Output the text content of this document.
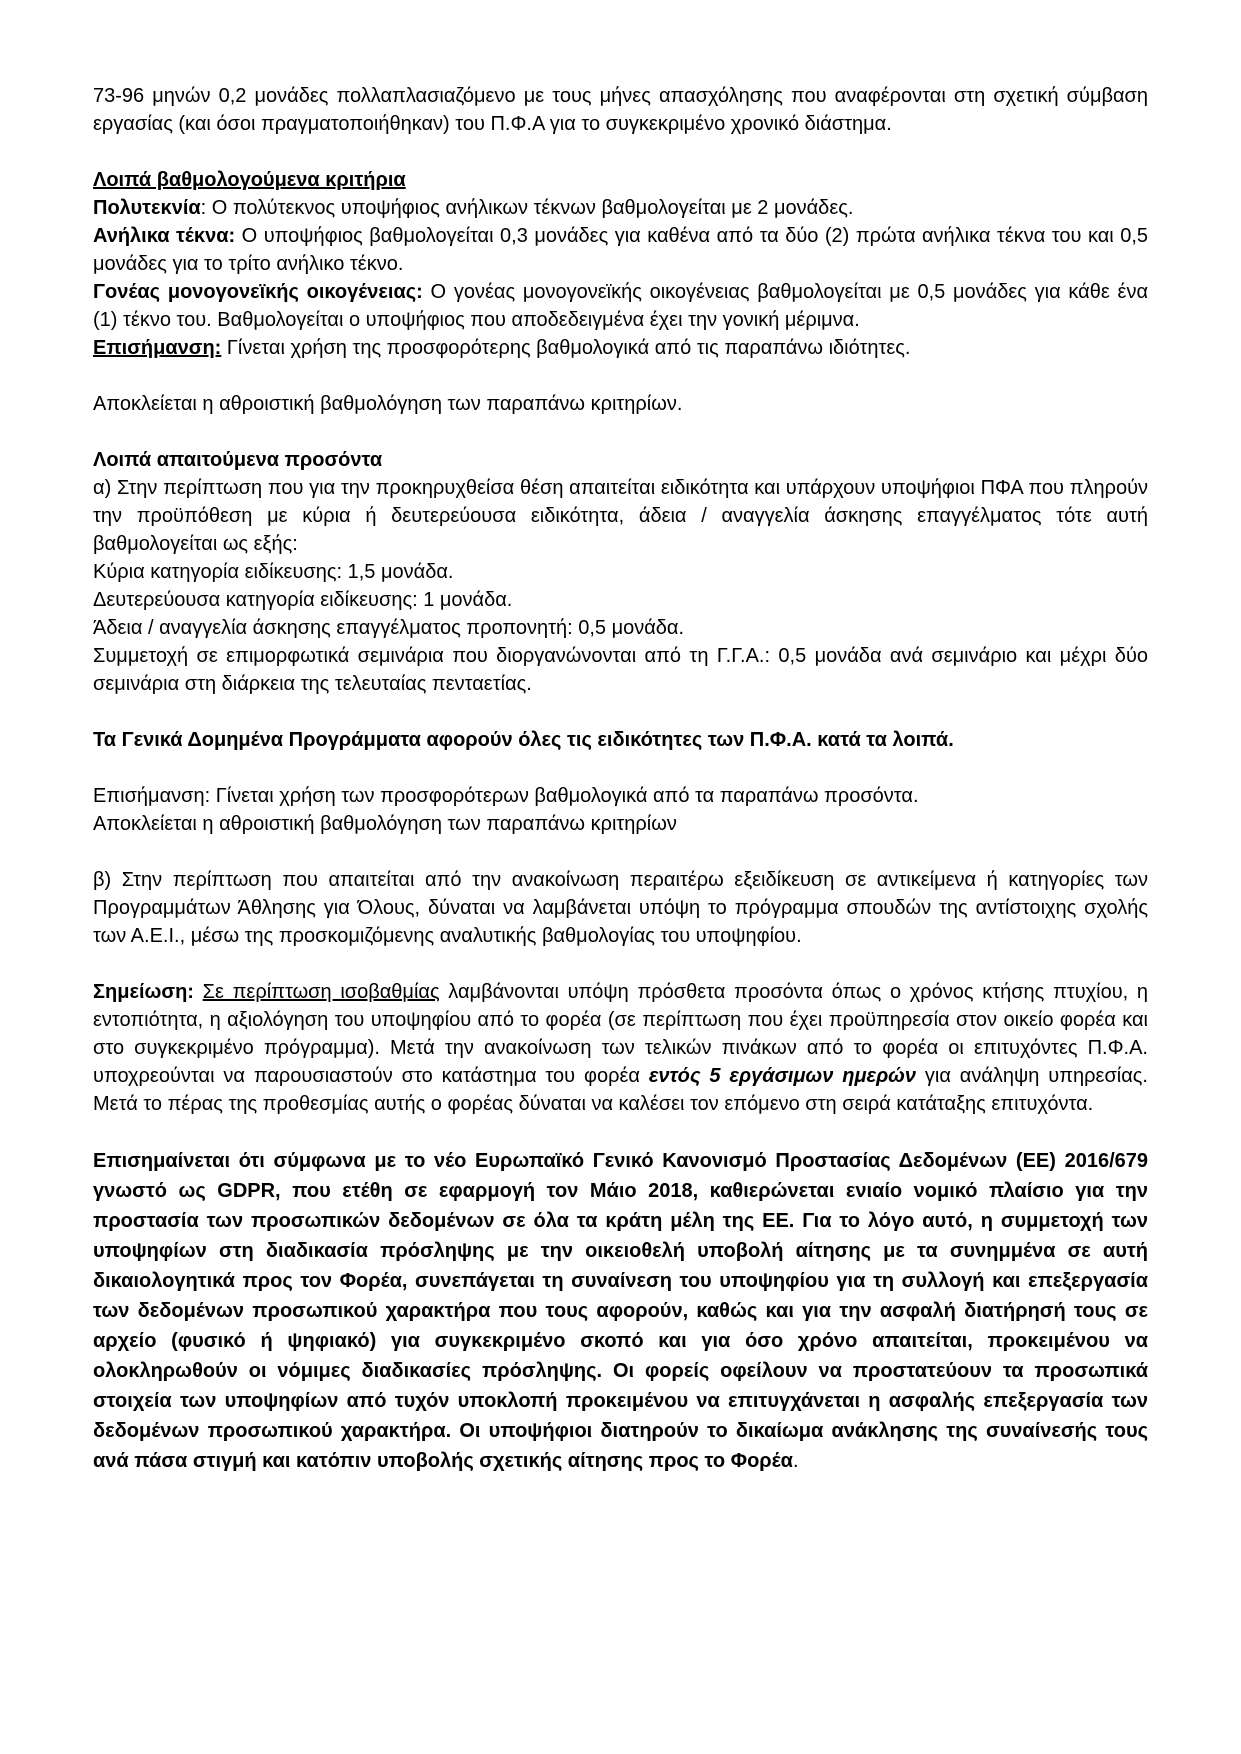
73-96 μηνών 0,2 μονάδες πολλαπλασιαζόμενο με τους μήνες απασχόλησης που αναφέρονται στη σχετική σύμβαση εργασίας (και όσοι πραγματοποιήθηκαν) του Π.Φ.Α για το συγκεκριμένο χρονικό διάστημα.

Λοιπά βαθμολογούμενα κριτήρια

Πολυτεκνία: Ο πολύτεκνος υποψήφιος ανήλικων τέκνων βαθμολογείται με 2 μονάδες.

Ανήλικα τέκνα: Ο υποψήφιος βαθμολογείται 0,3 μονάδες για καθένα από τα δύο (2) πρώτα ανήλικα τέκνα του και 0,5 μονάδες για το τρίτο ανήλικο τέκνο.

Γονέας μονογονεϊκής οικογένειας: Ο γονέας μονογονεϊκής οικογένειας βαθμολογείται με 0,5 μονάδες για κάθε ένα (1) τέκνο του. Βαθμολογείται ο υποψήφιος που αποδεδειγμένα έχει την γονική μέριμνα.

Επισήμανση: Γίνεται χρήση της προσφορότερης βαθμολογικά από τις παραπάνω ιδιότητες.

Αποκλείεται η αθροιστική βαθμολόγηση των παραπάνω κριτηρίων.

Λοιπά απαιτούμενα προσόντα

α) Στην περίπτωση που για την προκηρυχθείσα θέση απαιτείται ειδικότητα και υπάρχουν υποψήφιοι ΠΦΑ που πληρούν την προϋπόθεση με κύρια ή δευτερεύουσα ειδικότητα, άδεια / αναγγελία άσκησης επαγγέλματος τότε αυτή βαθμολογείται ως εξής:

Κύρια κατηγορία ειδίκευσης: 1,5 μονάδα.

Δευτερεύουσα κατηγορία ειδίκευσης: 1 μονάδα.

Άδεια / αναγγελία άσκησης επαγγέλματος προπονητή: 0,5 μονάδα.

Συμμετοχή σε επιμορφωτικά σεμινάρια που διοργανώνονται από τη Γ.Γ.Α.: 0,5 μονάδα ανά σεμινάριο και μέχρι δύο σεμινάρια στη διάρκεια της τελευταίας πενταετίας.

Τα Γενικά Δομημένα Προγράμματα αφορούν όλες τις ειδικότητες των Π.Φ.Α. κατά τα λοιπά.

Επισήμανση: Γίνεται χρήση των προσφορότερων βαθμολογικά από τα παραπάνω προσόντα.

Αποκλείεται η αθροιστική βαθμολόγηση των παραπάνω κριτηρίων

β) Στην περίπτωση που απαιτείται από την ανακοίνωση περαιτέρω εξειδίκευση σε αντικείμενα ή κατηγορίες των Προγραμμάτων Άθλησης για Όλους, δύναται να λαμβάνεται υπόψη το πρόγραμμα σπουδών της αντίστοιχης σχολής των Α.Ε.Ι., μέσω της προσκομιζόμενης αναλυτικής βαθμολογίας του υποψηφίου.

Σημείωση: Σε περίπτωση ισοβαθμίας λαμβάνονται υπόψη πρόσθετα προσόντα όπως ο χρόνος κτήσης πτυχίου, η εντοπιότητα, η αξιολόγηση του υποψηφίου από το φορέα (σε περίπτωση που έχει προϋπηρεσία στον οικείο φορέα και στο συγκεκριμένο πρόγραμμα). Μετά την ανακοίνωση των τελικών πινάκων από το φορέα οι επιτυχόντες Π.Φ.Α. υποχρεούνται να παρουσιαστούν στο κατάστημα του φορέα εντός 5 εργάσιμων ημερών για ανάληψη υπηρεσίας. Μετά το πέρας της προθεσμίας αυτής ο φορέας δύναται να καλέσει τον επόμενο στη σειρά κατάταξης επιτυχόντα.

Επισημαίνεται ότι σύμφωνα με το νέο Ευρωπαϊκό Γενικό Κανονισμό Προστασίας Δεδομένων (ΕΕ) 2016/679 γνωστό ως GDPR, που ετέθη σε εφαρμογή τον Μάιο 2018, καθιερώνεται ενιαίο νομικό πλαίσιο για την προστασία των προσωπικών δεδομένων σε όλα τα κράτη μέλη της ΕΕ. Για το λόγο αυτό, η συμμετοχή των υποψηφίων στη διαδικασία πρόσληψης με την οικειοθελή υποβολή αίτησης με τα συνημμένα σε αυτή δικαιολογητικά προς τον Φορέα, συνεπάγεται τη συναίνεση του υποψηφίου για τη συλλογή και επεξεργασία των δεδομένων προσωπικού χαρακτήρα που τους αφορούν, καθώς και για την ασφαλή διατήρησή τους σε αρχείο (φυσικό ή ψηφιακό) για συγκεκριμένο σκοπό και για όσο χρόνο απαιτείται, προκειμένου να ολοκληρωθούν οι νόμιμες διαδικασίες πρόσληψης. Οι φορείς οφείλουν να προστατεύουν τα προσωπικά στοιχεία των υποψηφίων από τυχόν υποκλοπή προκειμένου να επιτυγχάνεται η ασφαλής επεξεργασία των δεδομένων προσωπικού χαρακτήρα. Οι υποψήφιοι διατηρούν το δικαίωμα ανάκλησης της συναίνεσής τους ανά πάσα στιγμή και κατόπιν υποβολής σχετικής αίτησης προς το Φορέα.
